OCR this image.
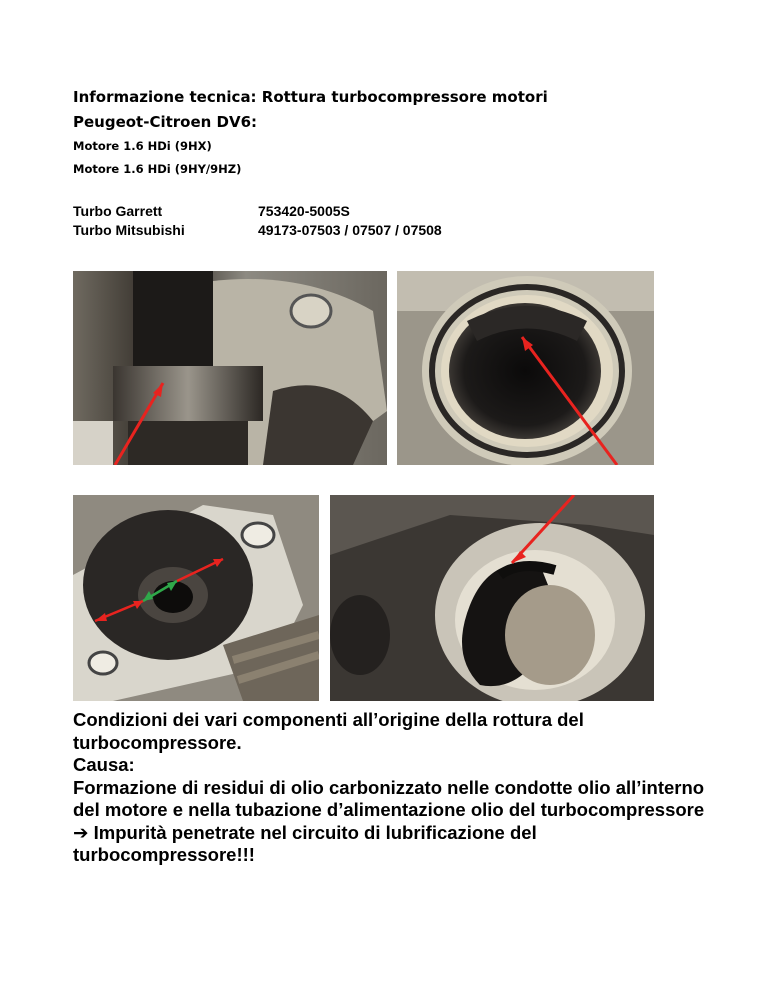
Informazione tecnica: Rottura turbocompressore motori
Peugeot-Citroen DV6:
Motore 1.6 HDi (9HX)
Motore 1.6 HDi (9HY/9HZ)
Turbo Garrett	753420-5005S
Turbo Mitsubishi	49173-07503 / 07507 / 07508

Condizioni dei vari componenti all’origine della rottura del turbocompressore.

Causa:

Formazione di residui di olio carbonizzato nelle condotte olio all’interno del motore e nella tubazione d’alimentazione olio del turbocompressore ➔ Impurità penetrate nel circuito di lubrificazione del turbocompressore!!!
